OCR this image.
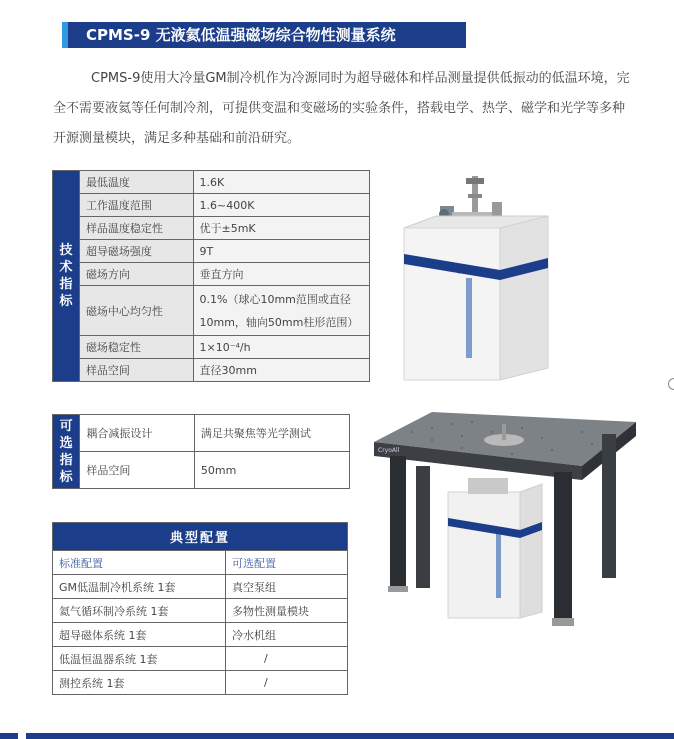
CPMS-9 无液氦低温强磁场综合物性测量系统

CPMS-9使用大冷量GM制冷机作为冷源同时为超导磁体和样品测量提供低振动的低温环境，完全不需要液氦等任何制冷剂，可提供变温和变磁场的实验条件，搭载电学、热学、磁学和光学等多种开源测量模块，满足多种基础和前沿研究。

技术指标	最低温度	1.6K
	工作温度范围	1.6~400K
	样品温度稳定性	优于±5mK
	超导磁场强度	9T
	磁场方向	垂直方向
	磁场中心均匀性	0.1%（球心10mm范围或直径10mm，轴向50mm柱形范围）
	磁场稳定性	1×10⁻⁴/h
	样品空间	直径30mm
可选指标	耦合减振设计	满足共聚焦等光学测试
	样品空间	50mm
典型配置	
标准配置	可选配置
GM低温制冷机系统 1套	真空泵组
氦气循环制冷系统 1套	多物性测量模块
超导磁体系统 1套	冷水机组
低温恒温器系统 1套	/
测控系统 1套	/
CryoAll
CryoAll
